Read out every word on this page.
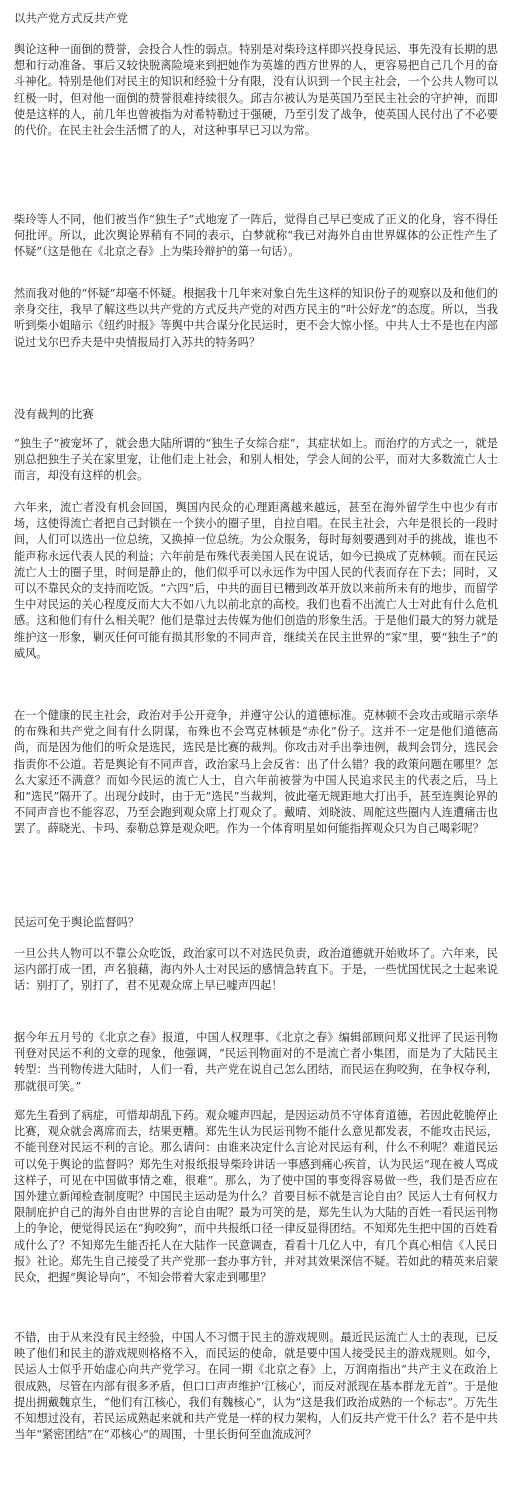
以共产党方式反共产党

舆论这种一面倒的赞誉，会投合人性的弱点。特别是对柴玲这样即兴投身民运、事先没有长期的思想和行动准备、事后又较快脱离险境来到把她作为英雄的西方世界的人，更容易把自己几个月的奋斗神化。特别是他们对民主的知识和经验十分有限，没有认识到一个民主社会，一个公共人物可以红极一时，但对他一面倒的赞誉很难持续很久。邱吉尔被认为是英国乃至民主社会的守护神，而即使是这样的人，前几年也曾被指为对希特勒过于强硬，乃至引发了战争，使英国人民付出了不必要的代价。在民主社会生活惯了的人，对这种事早已习以为常。

柴玲等人不同，他们被当作“独生子”式地宠了一阵后，觉得自己早已变成了正义的化身，容不得任何批评。所以，此次舆论界稍有不同的表示，白梦就称“我已对海外自由世界媒体的公正性产生了怀疑”（这是他在《北京之春》上为柴玲辩护的第一句话）。

然而我对他的“怀疑”却毫不怀疑。根据我十几年来对象白先生这样的知识份子的观察以及和他们的亲身交往，我早了解这些以共产党的方式反共产党的对西方民主的“叶公好龙”的态度。所以，当我听到柴小姐暗示《纽约时报》等舆中共合谋分化民运时，更不会大惊小怪。中共人士不是也在内部说过戈尔巴乔夫是中央情报局打入苏共的特务吗？

没有裁判的比赛

“独生子”被宠坏了，就会患大陆所谓的“独生子女综合症”，其症状如上。而治疗的方式之一，就是别总把独生子关在家里宠，让他们走上社会，和别人相处，学会人间的公平，而对大多数流亡人士而言，却没有这样的机会。

六年来，流亡者没有机会回国，舆国内民众的心理距离越来越远，甚至在海外留学生中也少有市场，这使得流亡者把自己封锁在一个狭小的圈子里，自拉自唱。在民主社会，六年是很长的一段时间，人们可以选出一位总统，又换掉一位总统。为公众服务，每时每刻要遇到对手的挑战，谁也不能声称永远代表人民的利益；六年前是布殊代表美国人民在说话，如今已换成了克林顿。而在民运流亡人士的圈子里，时间是静止的，他们似乎可以永远作为中国人民的代表而存在下去；同时，又可以不靠民众的支持而吃饭。“六四”后，中共的面目已糟到改革开放以来前所未有的地步，而留学生中对民运的关心程度反而大大不如八九以前北京的高校。我们也看不出流亡人士对此有什么危机感。这和他们有什么相关呢？他们是靠过去传媒为他们创造的形象生活。于是他们最大的努力就是维护这一形象，剿灭任何可能有损其形象的不同声音，继续关在民主世界的“家”里，要“独生子”的威风。

在一个健康的民主社会，政治对手公开竞争，并遵守公认的道德标准。克林顿不会攻击或暗示亲华的布殊和共产党之间有什么阴谋，布殊也不会骂克林顿是“赤化”份子。这并不一定是他们道德高尚，而是因为他们的听众是选民，选民是比赛的裁判。你攻击对手出拳违例，裁判会罚分，选民会指责你不公道。若是舆论有不同声音，政治家马上会反省：出了什么错？我的政策问题在哪里？怎么大家还不满意？而如今民运的流亡人士，自六年前被誉为中国人民追求民主的代表之后，马上和“选民”隔开了。出现分歧时，由于无“选民”当裁判，彼此毫无规距地大打出手，甚至连舆论界的不同声音也不能容忍，乃至会跑到观众席上打观众了。戴晴、刘晓波、周舵这些圈内人连遭痛击也罢了。薛晓光、卡玛、泰勒总算是观众吧。作为一个体育明星如何能指挥观众只为自己喝彩呢？

民运可免于舆论监督吗？

一旦公共人物可以不靠公众吃饭，政治家可以不对选民负责，政治道德就开始败坏了。六年来，民运内部打成一团，声名狼藉，海内外人士对民运的感情急转直下。于是，一些忧国忧民之士起来说话：别打了，别打了，君不见观众席上早已嘘声四起！

据今年五月号的《北京之春》报道，中国人权理事、《北京之春》编辑部顾问郑义批评了民运刊物刊登对民运不利的文章的现象，他强调，“民运刊物面对的不是流亡者小集团，而是为了大陆民主转型：当刊物传进大陆时，人们一看，共产党在说自己怎么团结，而民运在狗咬狗，在争权夺利，那就很可笑。”

郑先生看到了病症，可惜却胡乱下药。观众嘘声四起，是因运动员不守体育道德，若因此乾脆停止比赛，观众就会离席而去，结果更糟。郑先生认为民运刊物不能什么意见都发表，不能攻击民运，不能刊登对民运不利的言论。那么请问：由谁来决定什么言论对民运有利，什么不利呢？难道民运可以免于舆论的监督吗？郑先生对报纸报导柴玲讲话一事感到痛心疾首，认为民运“现在被人骂成这样子，可见在中国做事情之难，很难”。那么，为了使中国的事变得容易做一些，我们是否应在国外建立新闻检查制度呢？中国民主运动是为什么？首要目标不就是言论自由？民运人士有何权力限制庇护自己的海外自由世界的言论自由呢？最为可笑的是，郑先生认为大陆的百姓一看民运刊物上的争论，便觉得民运在“狗咬狗”，而中共报纸口径一律反显得团结。不知郑先生把中国的百姓看成什么了？不知郑先生能否托人在大陆作一民意调查，看看十几亿人中，有几个真心相信《人民日报》社论。郑先生自己接受了共产党那一套办事方针，并对其效果深信不疑。若如此的精英来启蒙民众，把握“舆论导向”，不知会带着大家走到哪里？

不错，由于从来没有民主经验，中国人不习惯于民主的游戏规则。最近民运流亡人士的表现，已反映了他们和民主的游戏规则格格不入，而民运的使命，就是要中国人接受民主的游戏规则。如今，民运人士似乎开始虚心向共产党学习。在同一期《北京之春》上，万润南指出“共产主义在政治上很成熟，尽管在内部有很多矛盾，但口口声声维护‘江核心’，而反对派现在基本群龙无首”。于是他提出拥戴魏京生，“他们有江核心，我们有魏核心”，认为“这是我们政治成熟的一个标志”。万先生不知想过没有，若民运成熟起来就和共产党是一样的权力架构，人们反共产党干什么？若不是中共当年“紧密团结”在“邓核心”的周围，十里长街何至血流成河？
